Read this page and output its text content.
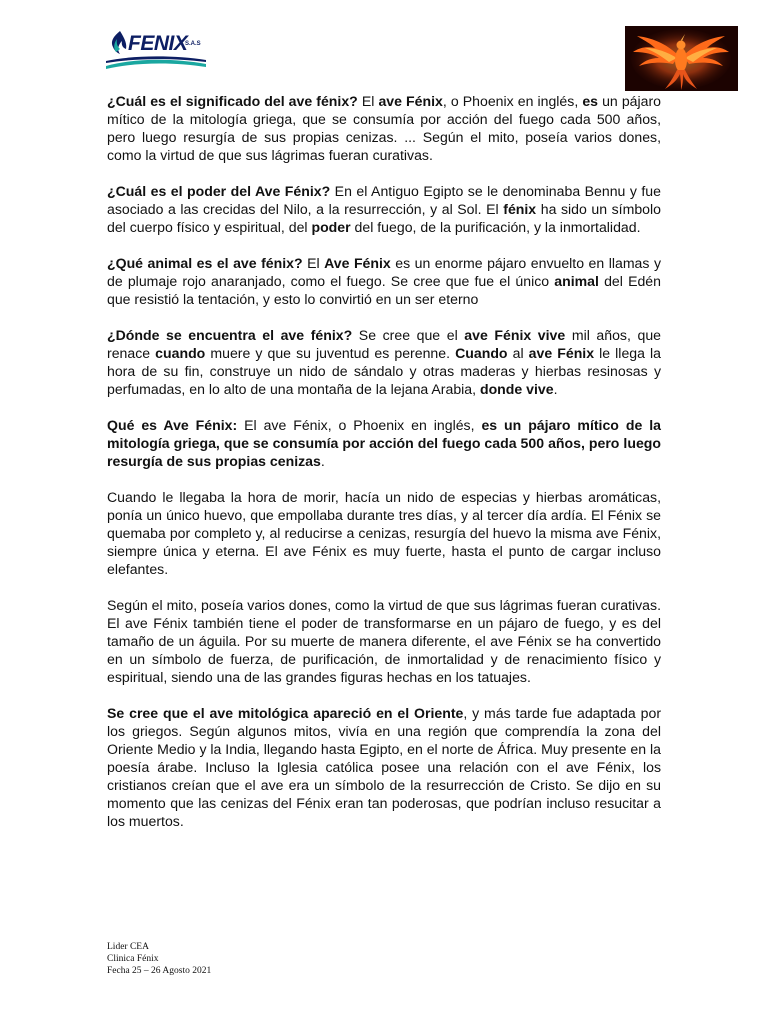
FENIX
S.A.S

¿Cuál es el significado del ave fénix? El ave Fénix, o Phoenix en inglés, es un pájaro mítico de la mitología griega, que se consumía por acción del fuego cada 500 años, pero luego resurgía de sus propias cenizas. ... Según el mito, poseía varios dones, como la virtud de que sus lágrimas fueran curativas.

¿Cuál es el poder del Ave Fénix? En el Antiguo Egipto se le denominaba Bennu y fue asociado a las crecidas del Nilo, a la resurrección, y al Sol. El fénix ha sido un símbolo del cuerpo físico y espiritual, del poder del fuego, de la purificación, y la inmortalidad.

¿Qué animal es el ave fénix? El Ave Fénix es un enorme pájaro envuelto en llamas y de plumaje rojo anaranjado, como el fuego. Se cree que fue el único animal del Edén que resistió la tentación, y esto lo convirtió en un ser eterno

¿Dónde se encuentra el ave fénix? Se cree que el ave Fénix vive mil años, que renace cuando muere y que su juventud es perenne. Cuando al ave Fénix le llega la hora de su fin, construye un nido de sándalo y otras maderas y hierbas resinosas y perfumadas, en lo alto de una montaña de la lejana Arabia, donde vive.

Qué es Ave Fénix: El ave Fénix, o Phoenix en inglés, es un pájaro mítico de la mitología griega, que se consumía por acción del fuego cada 500 años, pero luego resurgía de sus propias cenizas.

Cuando le llegaba la hora de morir, hacía un nido de especias y hierbas aromáticas, ponía un único huevo, que empollaba durante tres días, y al tercer día ardía. El Fénix se quemaba por completo y, al reducirse a cenizas, resurgía del huevo la misma ave Fénix, siempre única y eterna. El ave Fénix es muy fuerte, hasta el punto de cargar incluso elefantes.

Según el mito, poseía varios dones, como la virtud de que sus lágrimas fueran curativas. El ave Fénix también tiene el poder de transformarse en un pájaro de fuego, y es del tamaño de un águila. Por su muerte de manera diferente, el ave Fénix se ha convertido en un símbolo de fuerza, de purificación, de inmortalidad y de renacimiento físico y espiritual, siendo una de las grandes figuras hechas en los tatuajes.

Se cree que el ave mitológica apareció en el Oriente, y más tarde fue adaptada por los griegos. Según algunos mitos, vivía en una región que comprendía la zona del Oriente Medio y la India, llegando hasta Egipto, en el norte de África. Muy presente en la poesía árabe. Incluso la Iglesia católica posee una relación con el ave Fénix, los cristianos creían que el ave era un símbolo de la resurrección de Cristo. Se dijo en su momento que las cenizas del Fénix eran tan poderosas, que podrían incluso resucitar a los muertos.

Lider CEA
Clinica Fénix
Fecha 25 – 26 Agosto 2021
